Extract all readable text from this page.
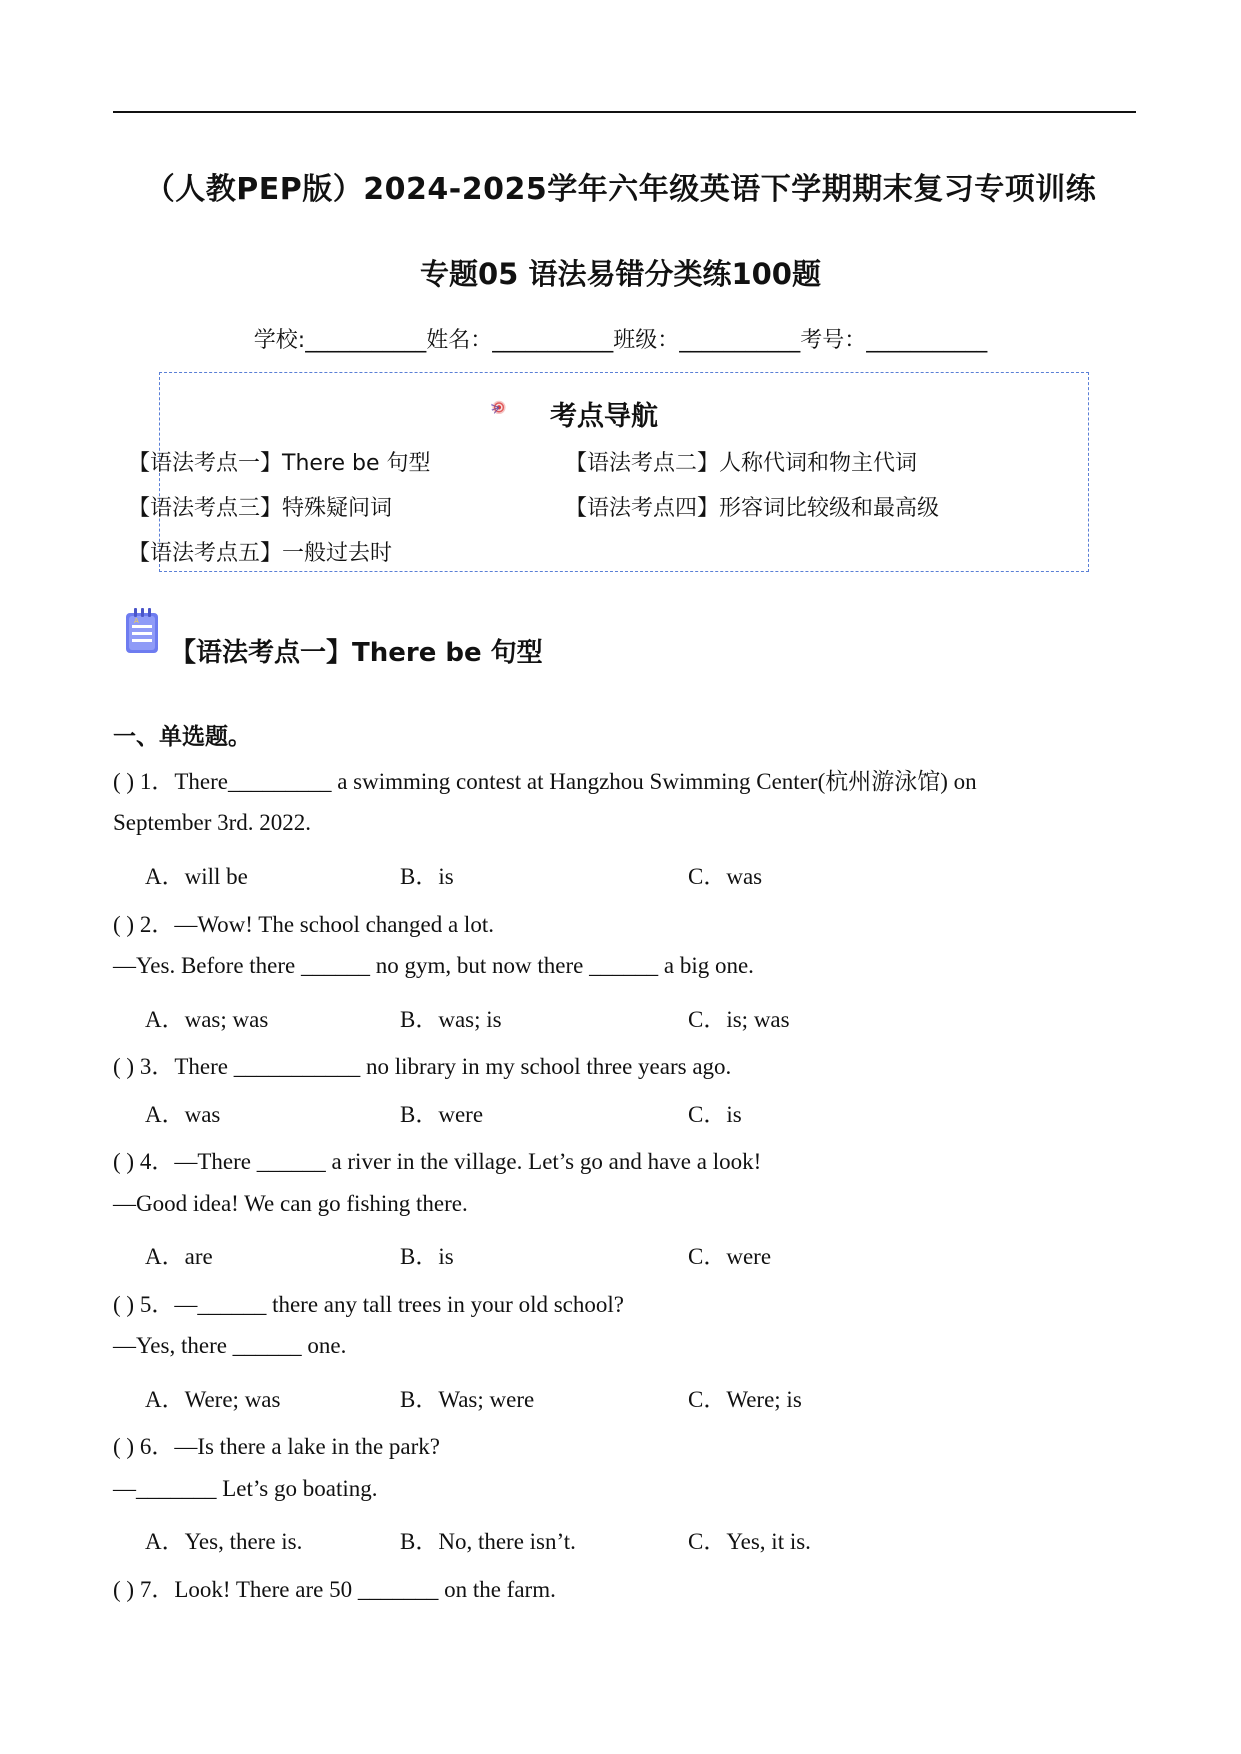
（人教PEP版）2024-2025学年六年级英语下学期期末复习专项训练
专题05 语法易错分类练100题
学校:___________姓名：___________班级：___________考号：___________
考点导航
【语法考点一】There be 句型	【语法考点二】人称代词和物主代词
【语法考点三】特殊疑问词	【语法考点四】形容词比较级和最高级
【语法考点五】一般过去时
A
【语法考点一】There be 句型
一、单选题。
( ) 1．There_________ a swimming contest at Hangzhou Swimming Center(杭州游泳馆) on
September 3rd. 2022.
A．will be	B．is	C．was
( ) 2．—Wow! The school changed a lot.
—Yes. Before there ______ no gym, but now there ______ a big one.
A．was; was	B．was; is	C．is; was
( ) 3．There ___________ no library in my school three years ago.
A．was	B．were	C．is
( ) 4．—There ______ a river in the village. Let’s go and have a look!
—Good idea! We can go fishing there.
A．are	B．is	C．were
( ) 5．—______ there any tall trees in your old school?
—Yes, there ______ one.
A．Were; was	B．Was; were	C．Were; is
( ) 6．—Is there a lake in the park?
—_______ Let’s go boating.
A．Yes, there is.	B．No, there isn’t.	C．Yes, it is.
( ) 7．Look! There are 50 _______ on the farm.
